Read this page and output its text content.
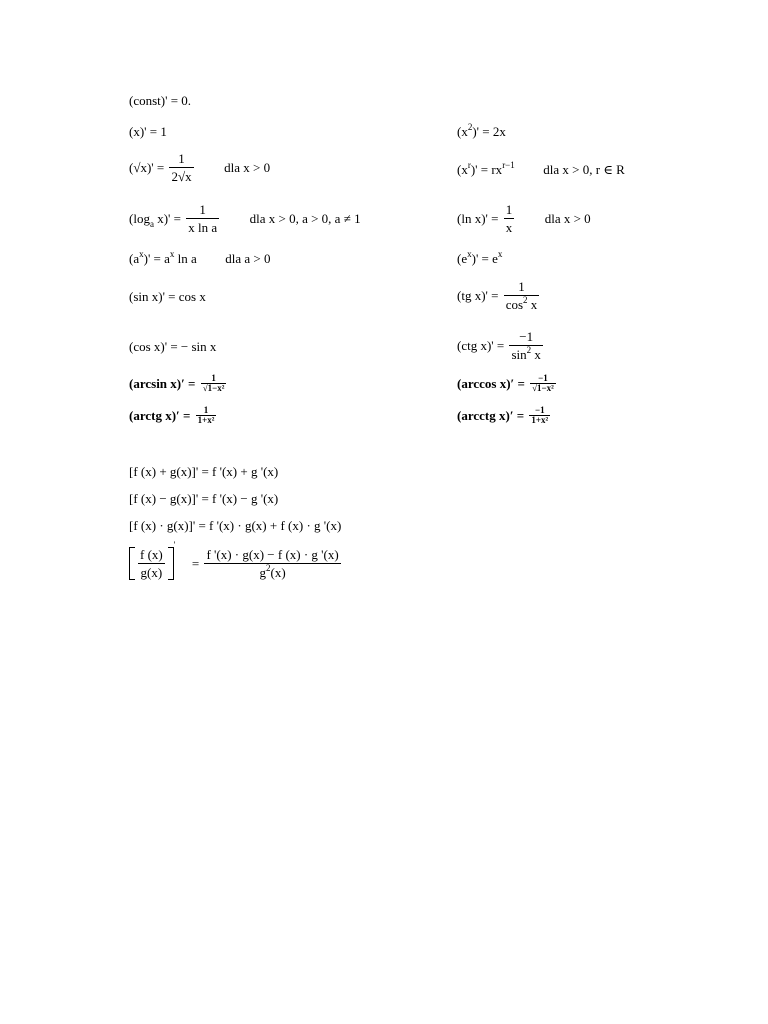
(const)' = 0.
(x)' = 1
$(√x)' = \frac{1}{2√x}$ dla x > 0
($\log_a$ $x)' = \frac{1}{\text{x ln a}}$ dla x > 0, a > 0, a ≠ 1
$(a^x)' = a^x$ ln a dla a > 0
(sin x)' = cos x
(cos x)' = − sin x
(arcsin $x)' = \frac{1}{\text{√1−x²}}$
(arctg $x)' = \frac{1}{\text{1+x²}}$
$(x^2)' = 2x$
$(x^r)' = rx^{r-1}$ dla x > 0, r ∈ R
(ln $x)' = \frac{1}{x}$ dla x > 0
$(e^x)' = e^x$
(tg $x)' = \frac{1}{\cos^2 x}$
(ctg $x)' = \frac{-1}{\sin^2 x}$
(arccos $x)' = \frac{-1}{\text{√1−x²}}$
(arcctg $x)' = \frac{-1}{\text{1+x²}}$
[f (x) + g(x)]' = f '(x) + g '(x)
[f (x) − g(x)]' = f '(x) − g '(x)
[f (x) · g(x)]' = f '(x) · g(x) + f (x) · g '(x)
$\frac{f (x)}{g(x)}$
$' = \frac{f '(x) \cdot g(x) - f (x) \cdot g '(x)}{g^2(x)}$
